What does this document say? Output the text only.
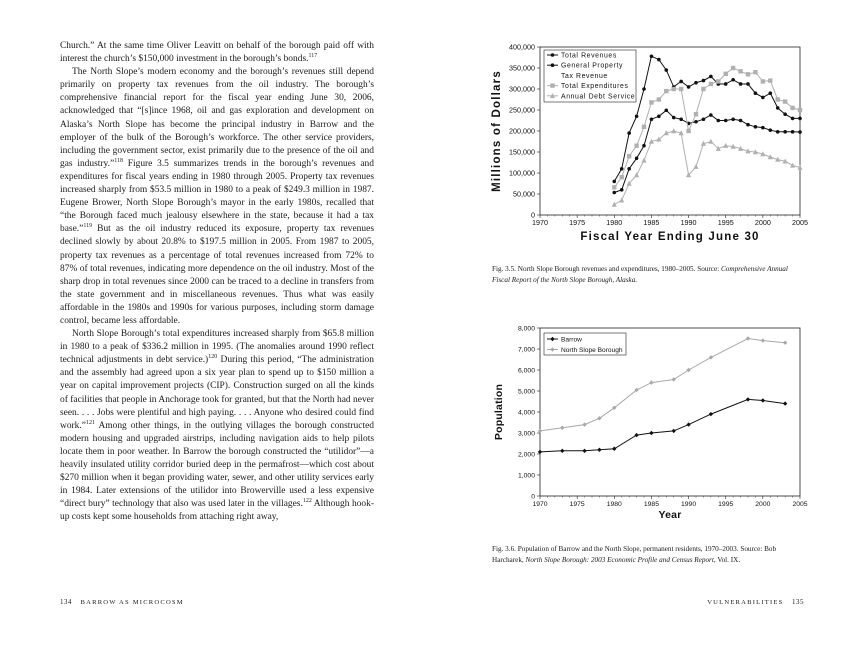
Church.” At the same time Oliver Leavitt on behalf of the borough paid off with interest the church’s $150,000 investment in the borough’s bonds.$^{117}$

The North Slope’s modern economy and the borough’s revenues still depend primarily on property tax revenues from the oil industry. The borough’s comprehensive financial report for the fiscal year ending June 30, 2006, acknowledged that “[s]ince 1968, oil and gas exploration and development on Alaska’s North Slope has become the principal industry in Barrow and the employer of the bulk of the Borough’s workforce. The other service providers, including the government sector, exist primarily due to the presence of the oil and gas industry.”$^{118}$ Figure 3.5 summarizes trends in the borough’s revenues and expenditures for fiscal years ending in 1980 through 2005. Property tax revenues increased sharply from $53.5 million in 1980 to a peak of $249.3 million in 1987. Eugene Brower, North Slope Borough’s mayor in the early 1980s, recalled that “the Borough faced much jealousy elsewhere in the state, because it had a tax base.”$^{119}$ But as the oil industry reduced its exposure, property tax revenues declined slowly by about 20.8% to $197.5 million in 2005. From 1987 to 2005, property tax revenues as a percentage of total revenues increased from 72% to 87% of total revenues, indicating more dependence on the oil industry. Most of the sharp drop in total revenues since 2000 can be traced to a decline in transfers from the state government and in miscellaneous revenues. Thus what was easily affordable in the 1980s and 1990s for various purposes, including storm damage control, became less affordable.

North Slope Borough’s total expenditures increased sharply from $65.8 million in 1980 to a peak of $336.2 million in 1995. (The anomalies around 1990 reflect technical adjustments in debt service.)$^{120}$ During this period, “The administration and the assembly had agreed upon a six year plan to spend up to $150 million a year on capital improvement projects (CIP). Construction surged on all the kinds of facilities that people in Anchorage took for granted, but that the North had never seen. . . . Jobs were plentiful and high paying. . . . Anyone who desired could find work.”$^{121}$ Among other things, in the outlying villages the borough constructed modern housing and upgraded airstrips, including navigation aids to help pilots locate them in poor weather. In Barrow the borough constructed the “utilidor”—a heavily insulated utility corridor buried deep in the permafrost—which cost about $270 million when it began providing water, sewer, and other utility services early in 1984. Later extensions of the utilidor into Browerville used a less expensive “direct bury” technology that also was used later in the villages.$^{122}$ Although hook-up costs kept some households from attaching right away,

134 BARROW AS MICROCOSM	VULNERABILITIES 135
0
50,000
100,000
150,000
200,000
250,000
300,000
350,000
400,000
1970	1975	1980	1985	1990	1995	2000	2005
Fiscal Year Ending June 30
Millions of Dollars
Total Revenues
General Property
Tax Revenue
Total Expenditures
Annual Debt Service
Fig. 3.5. North Slope Borough revenues and expenditures, 1980–2005. Source: Comprehensive Annual Fiscal Report of the North Slope Borough, Alaska.
0
1,000
2,000
3,000
4,000
5,000
6,000
7,000
8,000
1970	1975	1980	1985	1990	1995	2000	2005
Year
Population
Barrow
North Slope Borough
Fig. 3.6. Population of Barrow and the North Slope, permanent residents, 1970–2003. Source: Bob Harcharek, North Slope Borough: 2003 Economic Profile and Census Report, Vol. IX.
